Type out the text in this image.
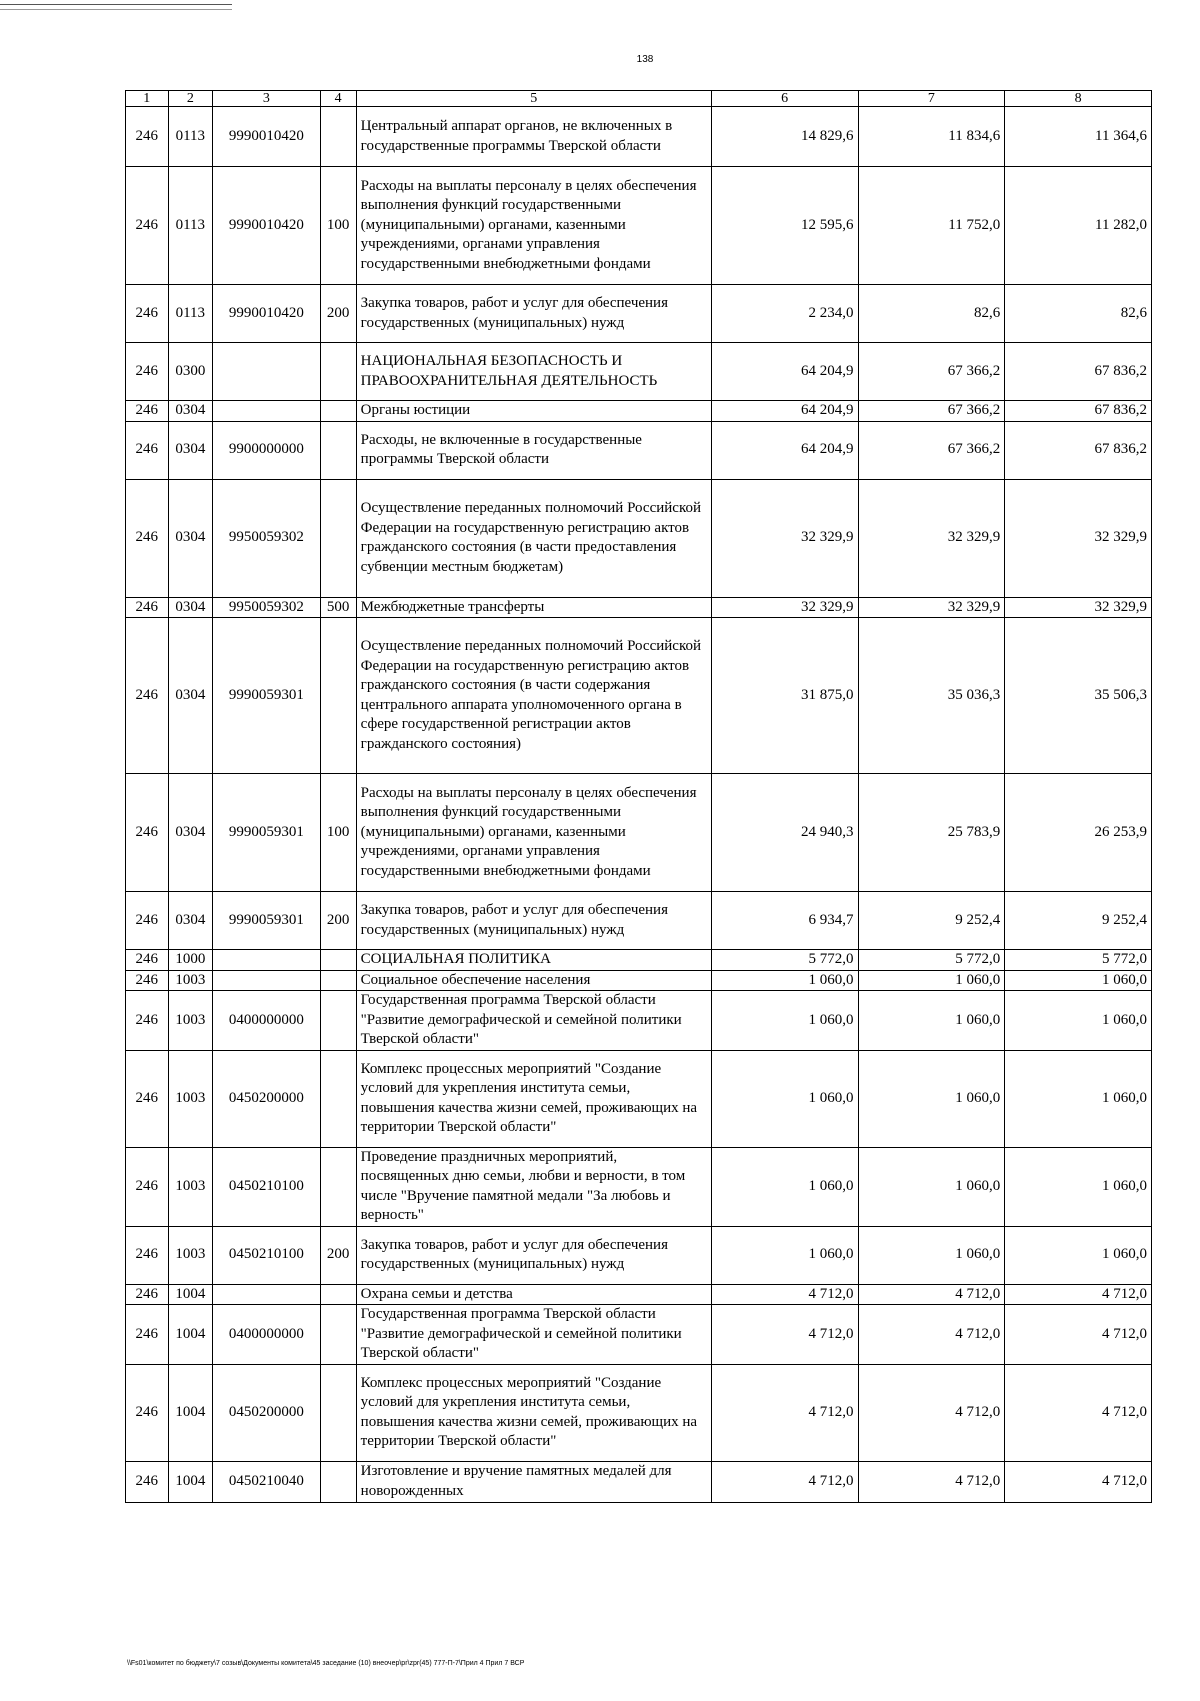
138
1	2	3	4	5	6	7	8
246	0113	9990010420		Центральный аппарат органов, не включенных в государственные программы Тверской области	14 829,6	11 834,6	11 364,6
246	0113	9990010420	100	Расходы на выплаты персоналу в целях обеспечения выполнения функций государственными (муниципальными) органами, казенными учреждениями, органами управления государственными внебюджетными фондами	12 595,6	11 752,0	11 282,0
246	0113	9990010420	200	Закупка товаров, работ и услуг для обеспечения государственных (муниципальных) нужд	2 234,0	82,6	82,6
246	0300			НАЦИОНАЛЬНАЯ БЕЗОПАСНОСТЬ И ПРАВООХРАНИТЕЛЬНАЯ ДЕЯТЕЛЬНОСТЬ	64 204,9	67 366,2	67 836,2
246	0304			Органы юстиции	64 204,9	67 366,2	67 836,2
246	0304	9900000000		Расходы, не включенные в государственные программы Тверской области	64 204,9	67 366,2	67 836,2
246	0304	9950059302		Осуществление переданных полномочий Российской Федерации на государственную регистрацию актов гражданского состояния (в части предоставления субвенции местным бюджетам)	32 329,9	32 329,9	32 329,9
246	0304	9950059302	500	Межбюджетные трансферты	32 329,9	32 329,9	32 329,9
246	0304	9990059301		Осуществление переданных полномочий Российской Федерации на государственную регистрацию актов гражданского состояния (в части содержания центрального аппарата уполномоченного органа в сфере государственной регистрации актов гражданского состояния)	31 875,0	35 036,3	35 506,3
246	0304	9990059301	100	Расходы на выплаты персоналу в целях обеспечения выполнения функций государственными (муниципальными) органами, казенными учреждениями, органами управления государственными внебюджетными фондами	24 940,3	25 783,9	26 253,9
246	0304	9990059301	200	Закупка товаров, работ и услуг для обеспечения государственных (муниципальных) нужд	6 934,7	9 252,4	9 252,4
246	1000			СОЦИАЛЬНАЯ ПОЛИТИКА	5 772,0	5 772,0	5 772,0
246	1003			Социальное обеспечение населения	1 060,0	1 060,0	1 060,0
246	1003	0400000000		Государственная программа Тверской области "Развитие демографической и семейной политики Тверской области"	1 060,0	1 060,0	1 060,0
246	1003	0450200000		Комплекс процессных мероприятий "Создание условий для укрепления института семьи, повышения качества жизни семей, проживающих на территории Тверской области"	1 060,0	1 060,0	1 060,0
246	1003	0450210100		Проведение праздничных мероприятий, посвященных дню семьи, любви и верности, в том числе "Вручение памятной медали "За любовь и верность"	1 060,0	1 060,0	1 060,0
246	1003	0450210100	200	Закупка товаров, работ и услуг для обеспечения государственных (муниципальных) нужд	1 060,0	1 060,0	1 060,0
246	1004			Охрана семьи и детства	4 712,0	4 712,0	4 712,0
246	1004	0400000000		Государственная программа Тверской области "Развитие демографической и семейной политики Тверской области"	4 712,0	4 712,0	4 712,0
246	1004	0450200000		Комплекс процессных мероприятий "Создание условий для укрепления института семьи, повышения качества жизни семей, проживающих на территории Тверской области"	4 712,0	4 712,0	4 712,0
246	1004	0450210040		Изготовление и вручение памятных медалей для новорожденных	4 712,0	4 712,0	4 712,0
\\Fs01\комитет по бюджету\7 созыв\Документы комитета\45 заседание (10) внеочер\pr\zpr(45) 777-П-7\Прил 4 Прил 7 ВСР
